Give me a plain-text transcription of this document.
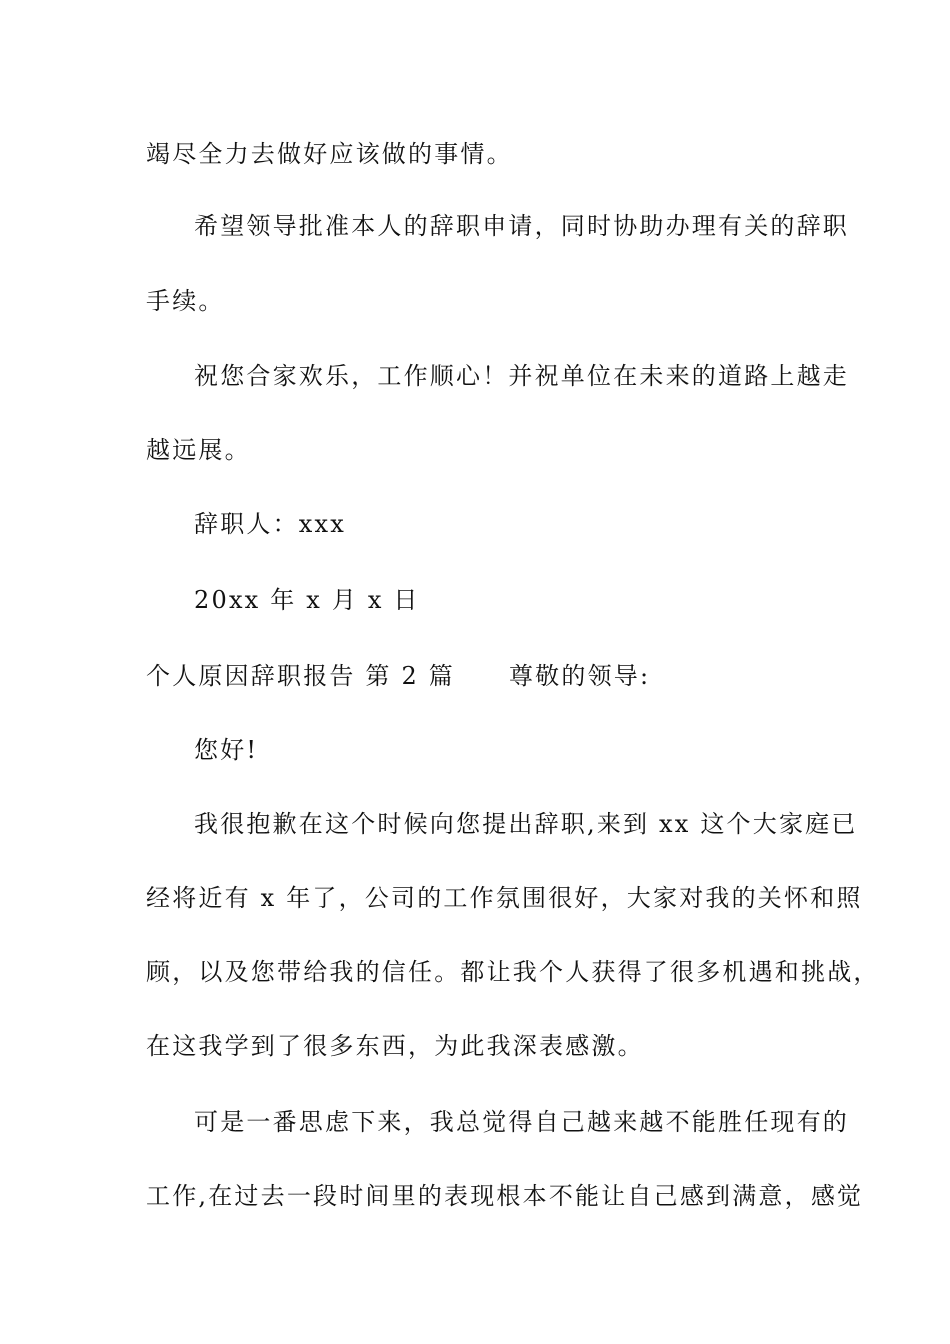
竭尽全力去做好应该做的事情。
希望领导批准本人的辞职申请，同时协助办理有关的辞职
手续。
祝您合家欢乐，工作顺心！并祝单位在未来的道路上越走
越远展。
辞职人：xxx
20xx 年 x 月 x 日
个人原因辞职报告 第 2 篇 尊敬的领导:
您好!
我很抱歉在这个时候向您提出辞职,来到 xx 这个大家庭已
经将近有 x 年了，公司的工作氛围很好，大家对我的关怀和照
顾，以及您带给我的信任。都让我个人获得了很多机遇和挑战，
在这我学到了很多东西，为此我深表感激。
可是一番思虑下来，我总觉得自己越来越不能胜任现有的
工作,在过去一段时间里的表现根本不能让自己感到满意，感觉
